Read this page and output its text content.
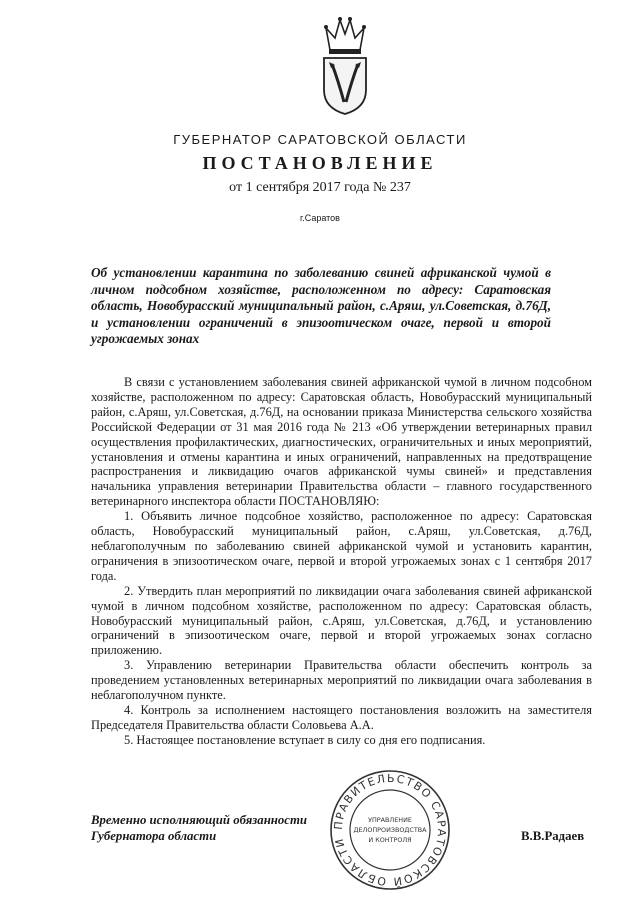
ГУБЕРНАТОР САРАТОВСКОЙ ОБЛАСТИ
ПОСТАНОВЛЕНИЕ
от 1 сентября 2017 года № 237
г.Саратов
Об установлении карантина по заболеванию свиней африканской чумой в личном подсобном хозяйстве, расположенном по адресу: Саратовская область, Новобурасский муниципальный район, с.Аряш, ул.Советская, д.76Д, и установлении ограничений в эпизоотическом очаге, первой и второй угрожаемых зонах

В связи с установлением заболевания свиней африканской чумой в личном подсобном хозяйстве, расположенном по адресу: Саратовская область, Новобурасский муниципальный район, с.Аряш, ул.Советская, д.76Д, на основании приказа Министерства сельского хозяйства Российской Федерации от 31 мая 2016 года № 213 «Об утверждении ветеринарных правил осуществления профилактических, диагностических, ограничительных и иных мероприятий, установления и отмены карантина и иных ограничений, направленных на предотвращение распространения и ликвидацию очагов африканской чумы свиней» и представления начальника управления ветеринарии Правительства области – главного государственного ветеринарного инспектора области ПОСТАНОВЛЯЮ:

1. Объявить личное подсобное хозяйство, расположенное по адресу: Саратовская область, Новобурасский муниципальный район, с.Аряш, ул.Советская, д.76Д, неблагополучным по заболеванию свиней африканской чумой и установить карантин, ограничения в эпизоотическом очаге, первой и второй угрожаемых зонах с 1 сентября 2017 года.

2. Утвердить план мероприятий по ликвидации очага заболевания свиней африканской чумой в личном подсобном хозяйстве, расположенном по адресу: Саратовская область, Новобурасский муниципальный район, с.Аряш, ул.Советская, д.76Д, и установлению ограничений в эпизоотическом очаге, первой и второй угрожаемых зонах согласно приложению.

3. Управлению ветеринарии Правительства области обеспечить контроль за проведением установленных ветеринарных мероприятий по ликвидации очага заболевания в неблагополучном пункте.

4. Контроль за исполнением настоящего постановления возложить на заместителя Председателя Правительства области Соловьева А.А.

5. Настоящее постановление вступает в силу со дня его подписания.

Временно исполняющий обязанности
Губернатора области
ПРАВИТЕЛЬСТВО САРАТОВСКОЙ ОБЛАСТИ
УПРАВЛЕНИЕ
ДЕЛОПРОИЗВОДСТВА
И КОНТРОЛЯ	В.В.Радаев
